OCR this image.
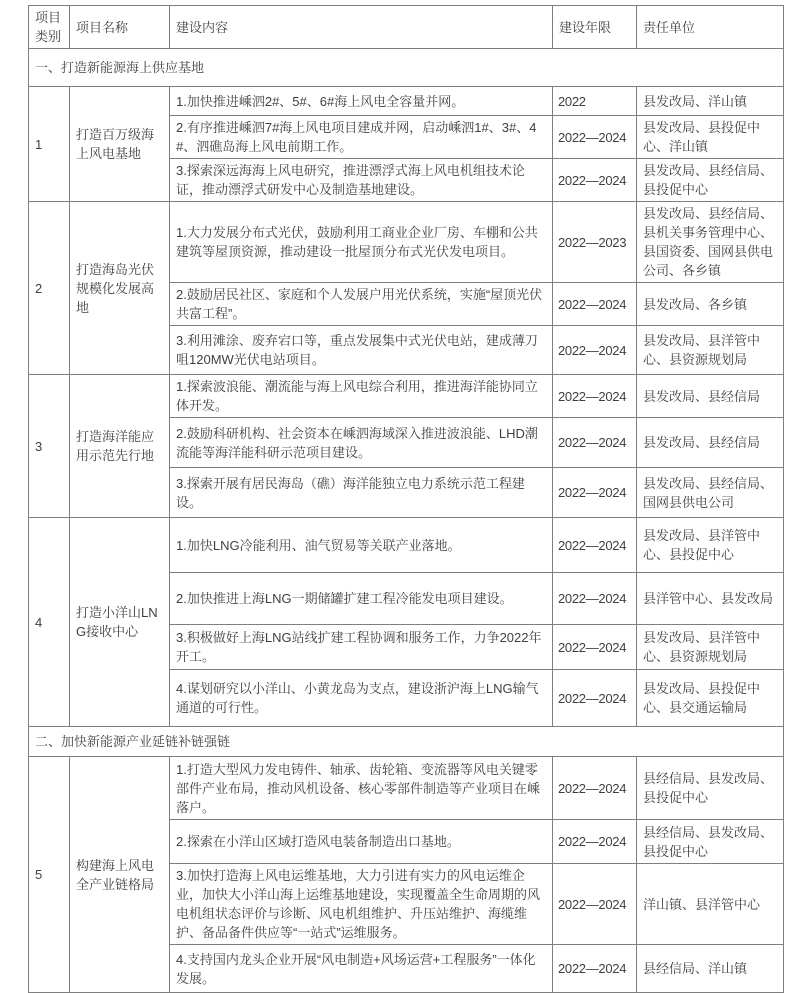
项目类别	项目名称	建设内容	建设年限	责任单位
一、打造新能源海上供应基地				
1	打造百万级海上风电基地	1.加快推进嵊泗2#、5#、6#海上风电全容量并网。	2022	县发改局、洋山镇
		2.有序推进嵊泗7#海上风电项目建成并网，启动嵊泗1#、3#、4#、泗礁岛海上风电前期工作。	2022—2024	县发改局、县投促中心、洋山镇
		3.探索深远海海上风电研究，推进漂浮式海上风电机组技术论证，推动漂浮式研发中心及制造基地建设。	2022—2024	县发改局、县经信局、县投促中心
2	打造海岛光伏规模化发展高地	1.大力发展分布式光伏，鼓励利用工商业企业厂房、车棚和公共建筑等屋顶资源，推动建设一批屋顶分布式光伏发电项目。	2022—2023	县发改局、县经信局、县机关事务管理中心、县国资委、国网县供电公司、各乡镇
		2.鼓励居民社区、家庭和个人发展户用光伏系统，实施“屋顶光伏共富工程”。	2022—2024	县发改局、各乡镇
		3.利用滩涂、废弃宕口等，重点发展集中式光伏电站，建成薄刀咀120MW光伏电站项目。	2022—2024	县发改局、县洋管中心、县资源规划局
3	打造海洋能应用示范先行地	1.探索波浪能、潮流能与海上风电综合利用，推进海洋能协同立体开发。	2022—2024	县发改局、县经信局
		2.鼓励科研机构、社会资本在嵊泗海域深入推进波浪能、LHD潮流能等海洋能科研示范项目建设。	2022—2024	县发改局、县经信局
		3.探索开展有居民海岛（礁）海洋能独立电力系统示范工程建设。	2022—2024	县发改局、县经信局、国网县供电公司
4	打造小洋山LNG接收中心	1.加快LNG冷能利用、油气贸易等关联产业落地。	2022—2024	县发改局、县洋管中心、县投促中心
		2.加快推进上海LNG一期储罐扩建工程冷能发电项目建设。	2022—2024	县洋管中心、县发改局
		3.积极做好上海LNG站线扩建工程协调和服务工作，力争2022年开工。	2022—2024	县发改局、县洋管中心、县资源规划局
		4.谋划研究以小洋山、小黄龙岛为支点，建设浙沪海上LNG输气通道的可行性。	2022—2024	县发改局、县投促中心、县交通运输局
二、加快新能源产业延链补链强链				
5	构建海上风电全产业链格局	1.打造大型风力发电铸件、轴承、齿轮箱、变流器等风电关键零部件产业布局，推动风机设备、核心零部件制造等产业项目在嵊落户。	2022—2024	县经信局、县发改局、县投促中心
		2.探索在小洋山区域打造风电装备制造出口基地。	2022—2024	县经信局、县发改局、县投促中心
		3.加快打造海上风电运维基地，大力引进有实力的风电运维企业，加快大小洋山海上运维基地建设，实现覆盖全生命周期的风电机组状态评价与诊断、风电机组维护、升压站维护、海缆维护、备品备件供应等“一站式”运维服务。	2022—2024	洋山镇、县洋管中心
		4.支持国内龙头企业开展“风电制造+风场运营+工程服务”一体化发展。	2022—2024	县经信局、洋山镇
